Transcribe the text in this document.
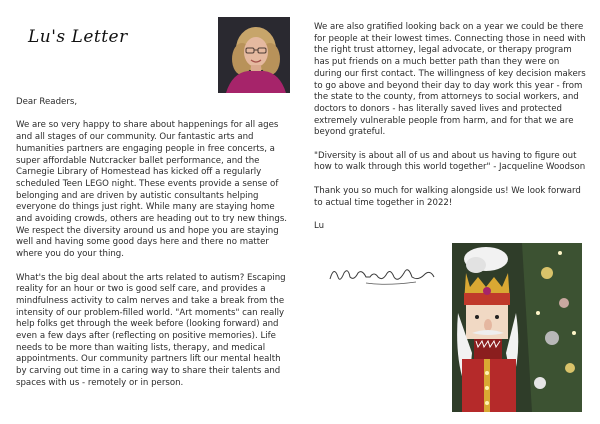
Lu's Letter

Dear Readers,

We are so very happy to share about happenings for all ages and all stages of our community. Our fantastic arts and humanities partners are engaging people in free concerts, a super affordable Nutcracker ballet performance, and the Carnegie Library of Homestead has kicked off a regularly scheduled Teen LEGO night. These events provide a sense of belonging and are driven by autistic consultants helping everyone do things just right. While many are staying home and avoiding crowds, others are heading out to try new things. We respect the diversity around us and hope you are staying well and having some good days here and there no matter where you do your thing.

What's the big deal about the arts related to autism? Escaping reality for an hour or two is good self care, and provides a mindfulness activity to calm nerves and take a break from the intensity of our problem-filled world. "Art moments" can really help folks get through the week before (looking forward) and even a few days after (reflecting on positive memories). Life needs to be more than waiting lists, therapy, and medical appointments. Our community partners lift our mental health by carving out time in a caring way to share their talents and spaces with us - remotely or in person.

We are also gratified looking back on a year we could be there for people at their lowest times. Connecting those in need with the right trust attorney, legal advocate, or therapy program has put friends on a much better path than they were on during our first contact. The willingness of key decision makers to go above and beyond their day to day work this year - from the state to the county, from attorneys to social workers, and doctors to donors - has literally saved lives and protected extremely vulnerable people from harm, and for that we are beyond grateful.

"Diversity is about all of us and about us having to figure out how to walk through this world together" - Jacqueline Woodson

Thank you so much for walking alongside us! We look forward to actual time together in 2022!

Lu
